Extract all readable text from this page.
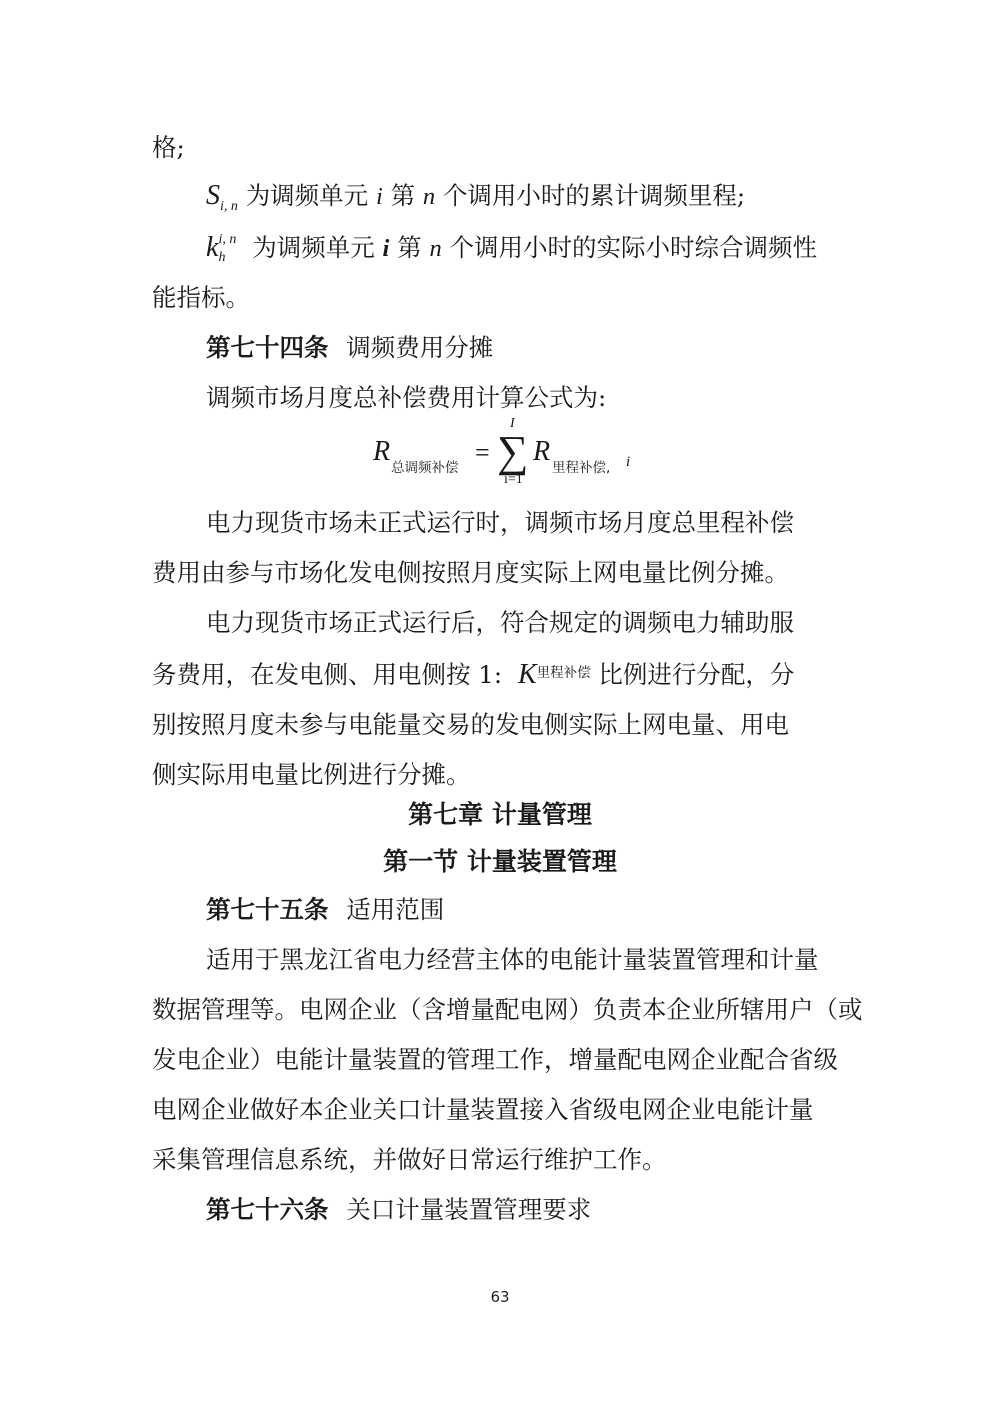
格;
$S_{i, n}$ 为调频单元 i 第 n 个调用小时的累计调频里程;
k i, n
h 为调频单元 i 第 n 个调用小时的实际小时综合调频性
能指标。
第七十四条 调频费用分摊
调频市场月度总补偿费用计算公式为:
R
总调频补偿
= ∑
I
i=1
R
里程补偿, i
电力现货市场未正式运行时，调频市场月度总里程补偿
费用由参与市场化发电侧按照月度实际上网电量比例分摊。
电力现货市场正式运行后，符合规定的调频电力辅助服
务费用，在发电侧、用电侧按 1: $K^{里程补偿}$ 比例进行分配，分
别按照月度未参与电能量交易的发电侧实际上网电量、用电
侧实际用电量比例进行分摊。
第七章 计量管理
第一节 计量装置管理
第七十五条 适用范围
适用于黑龙江省电力经营主体的电能计量装置管理和计量
数据管理等。电网企业（含增量配电网）负责本企业所辖用户（或
发电企业）电能计量装置的管理工作，增量配电网企业配合省级
电网企业做好本企业关口计量装置接入省级电网企业电能计量
采集管理信息系统，并做好日常运行维护工作。
第七十六条 关口计量装置管理要求
63
